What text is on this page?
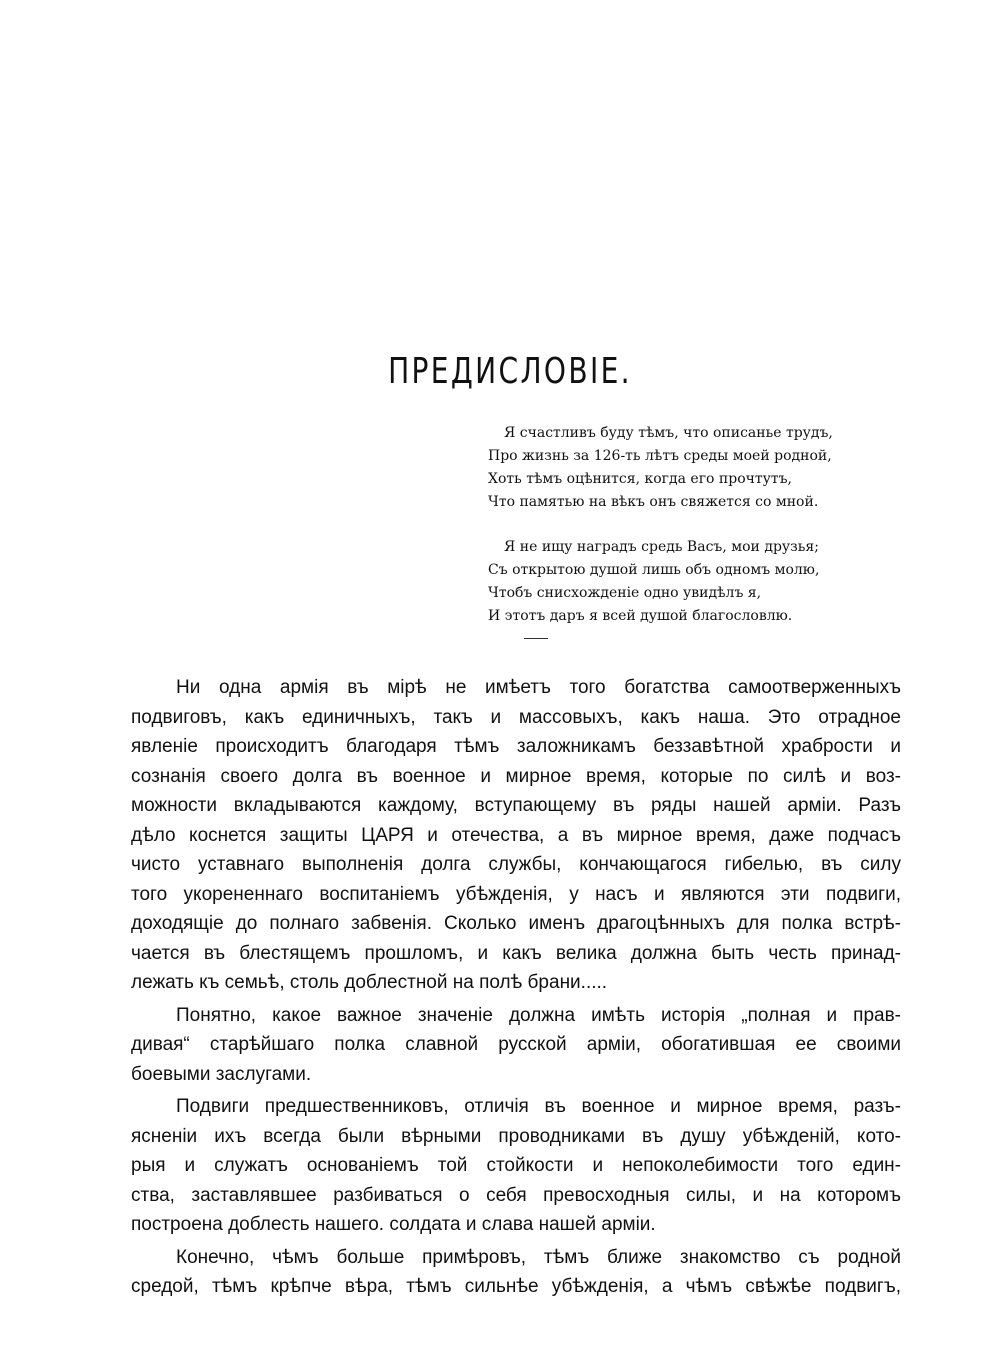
ПРЕДИСЛОВІЕ.
Я счастливъ буду тѣмъ, что описанье трудъ,
Про жизнь за 126-ть лѣтъ среды моей родной,
Хоть тѣмъ оцѣнится, когда его прочтутъ,
Что памятью на вѣкъ онъ свяжется со мной.
Я не ищу наградъ средь Васъ, мои друзья;
Съ открытою душой лишь объ одномъ молю,
Чтобъ снисхожденіе одно увидѣлъ я,
И этотъ даръ я всей душой благословлю.
Ни одна армія въ мірѣ не имѣетъ того богатства самоотверженныхъ
подвиговъ, какъ единичныхъ, такъ и массовыхъ, какъ наша. Это отрадное
явленіе происходитъ благодаря тѣмъ заложникамъ беззавѣтной храбрости и
сознанія своего долга въ военное и мирное время, которые по силѣ и воз-
можности вкладываются каждому, вступающему въ ряды нашей арміи. Разъ
дѣло коснется защиты ЦАРЯ и отечества, а въ мирное время, даже подчасъ
чисто уставнаго выполненія долга службы, кончающагося гибелью, въ силу
того укорененнаго воспитаніемъ убѣжденія, у насъ и являются эти подвиги,
доходящіе до полнаго забвенія. Сколько именъ драгоцѣнныхъ для полка встрѣ-
чается въ блестящемъ прошломъ, и какъ велика должна быть честь принад-
лежать къ семьѣ, столь доблестной на полѣ брани.....
Понятно, какое важное значеніе должна имѣть исторія „полная и прав-
дивая“ старѣйшаго полка славной русской арміи, обогатившая ее своими
боевыми заслугами.
Подвиги предшественниковъ, отличія въ военное и мирное время, разъ-
ясненіи ихъ всегда были вѣрными проводниками въ душу убѣжденій, кото-
рыя и служатъ основаніемъ той стойкости и непоколебимости того един-
ства, заставлявшее разбиваться о себя превосходныя силы, и на которомъ
построена доблесть нашего. солдата и слава нашей арміи.
Конечно, чѣмъ больше примѣровъ, тѣмъ ближе знакомство съ родной
средой, тѣмъ крѣпче вѣра, тѣмъ сильнѣе убѣжденія, а чѣмъ свѣжѣе подвигъ,
